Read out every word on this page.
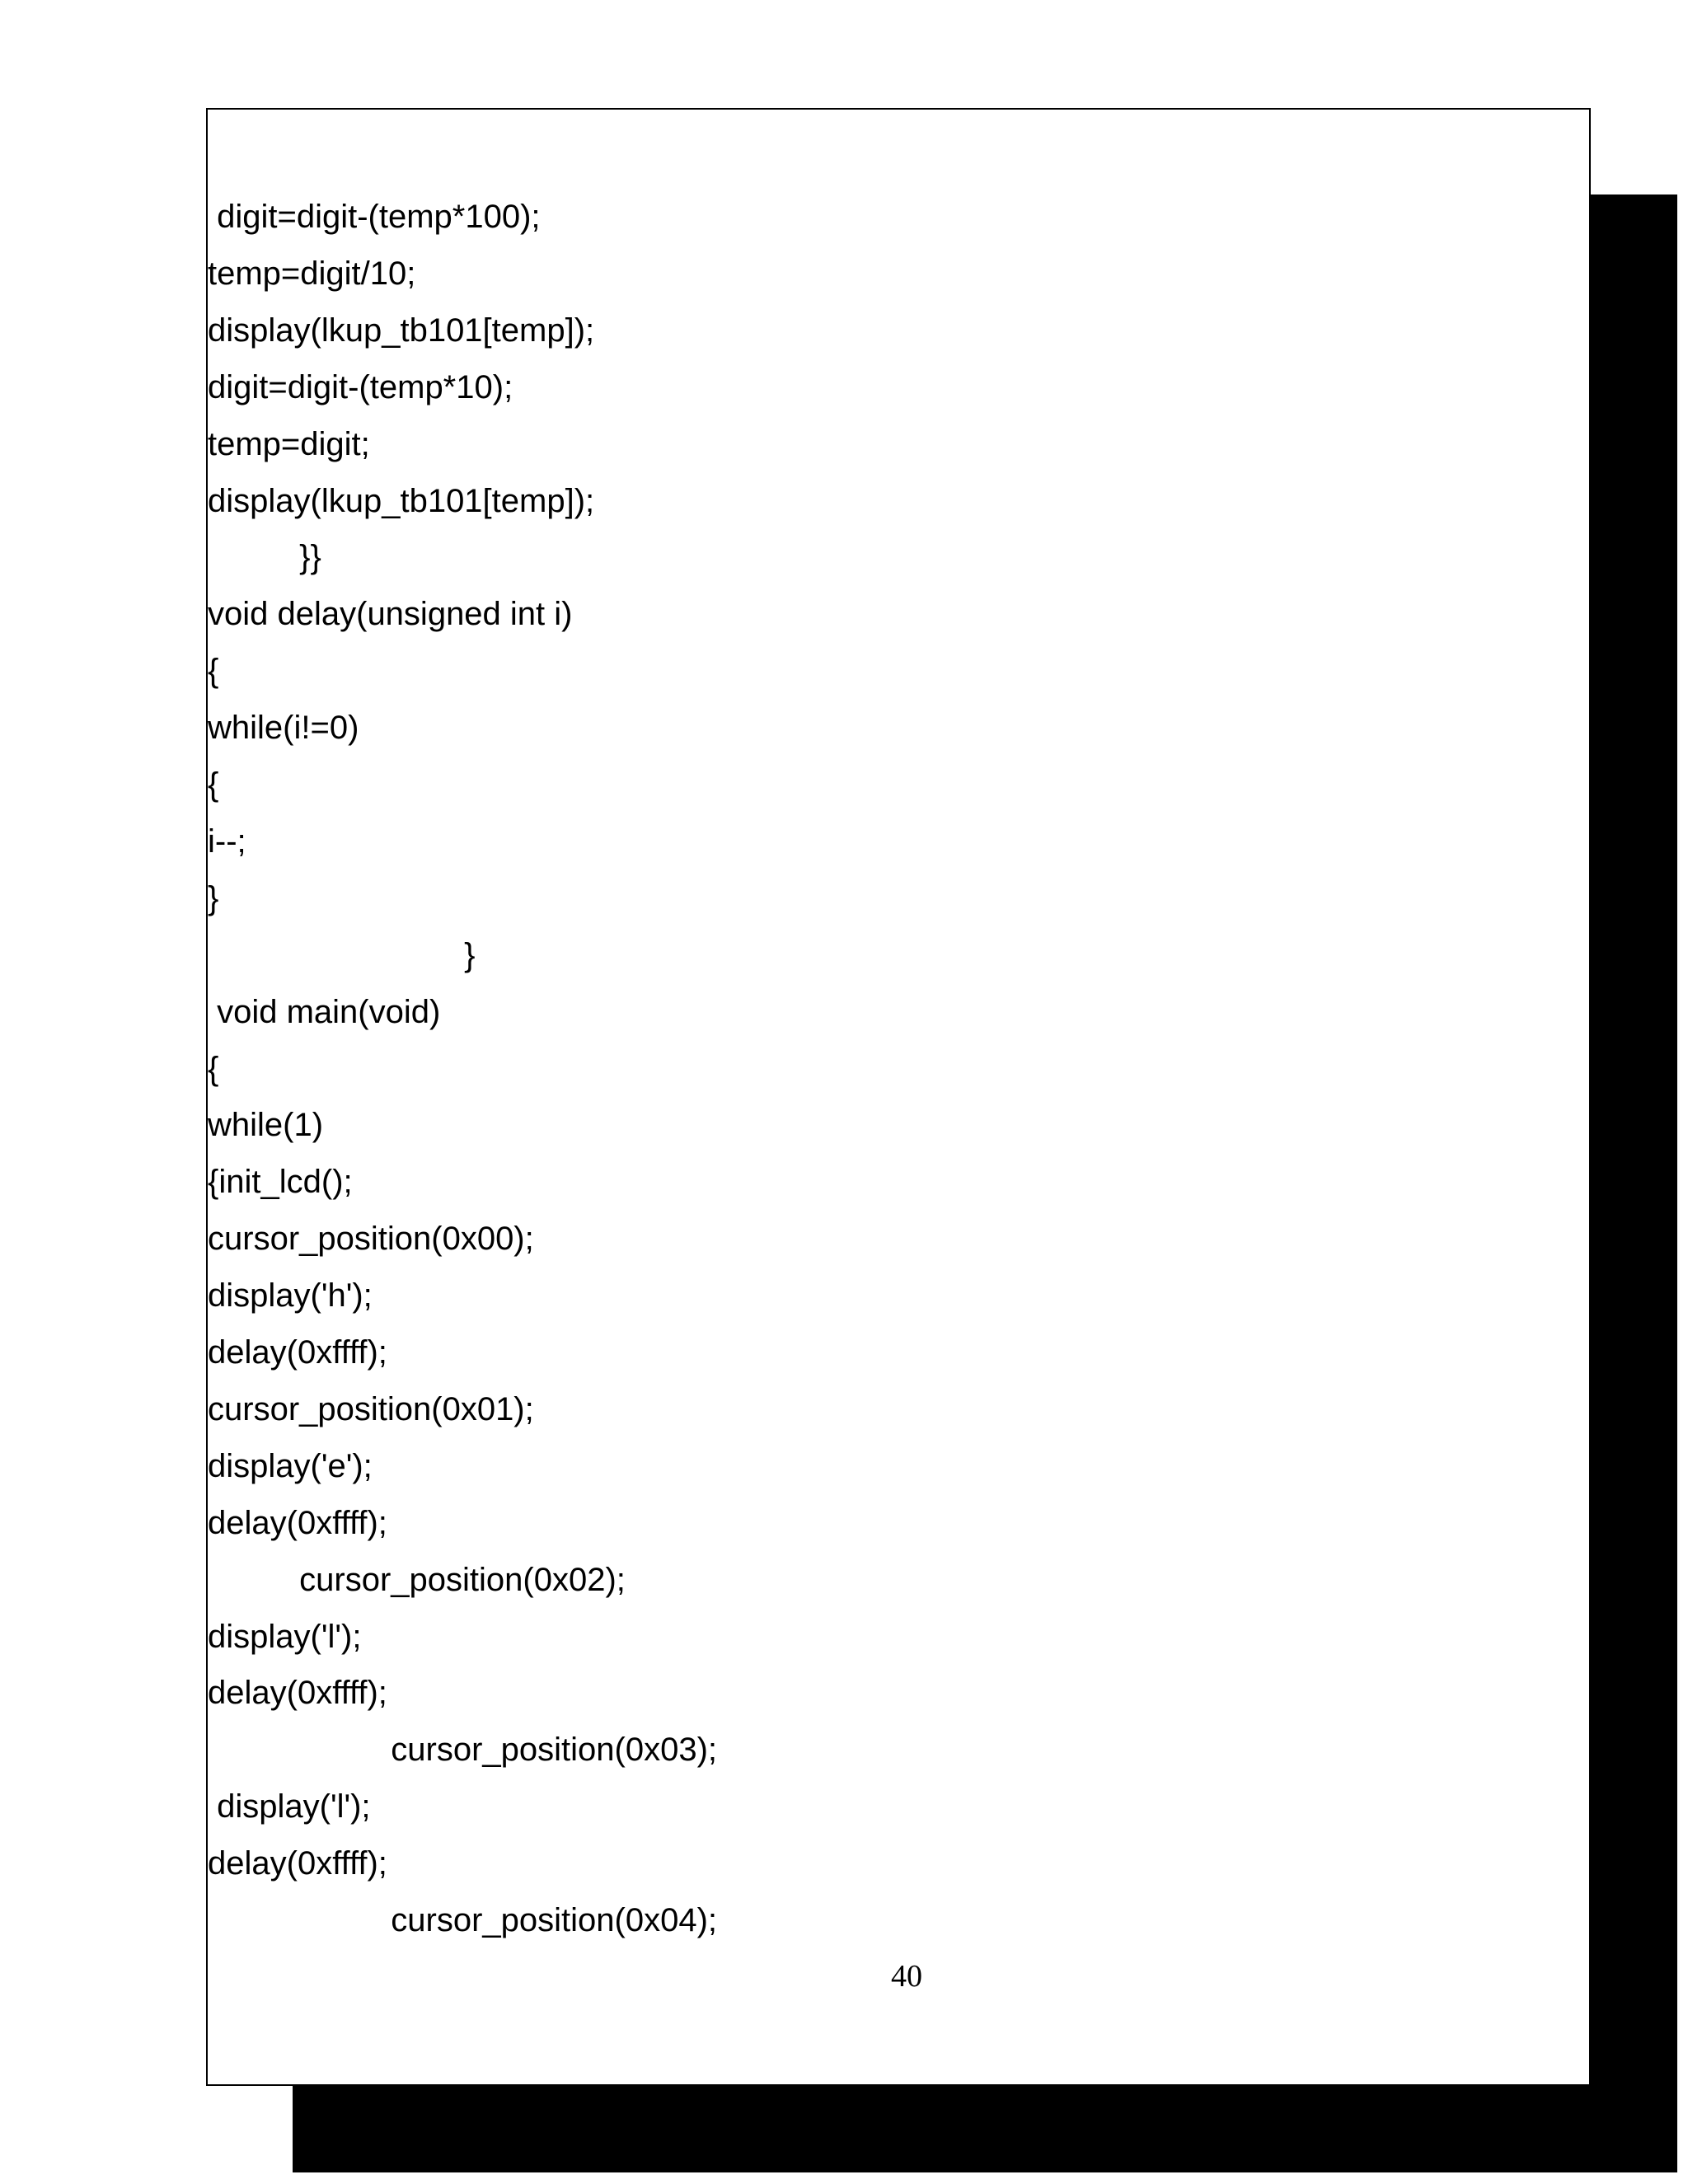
digit=digit-(temp*100);
temp=digit/10;
display(lkup_tb101[temp]);
digit=digit-(temp*10);
temp=digit;
display(lkup_tb101[temp]);
}}
void delay(unsigned int i)
{
while(i!=0)
{
i--;
}
}
void main(void)
{
while(1)
{init_lcd();
cursor_position(0x00);
display('h');
delay(0xffff);
cursor_position(0x01);
display('e');
delay(0xffff);
cursor_position(0x02);
display('l');
delay(0xffff);
cursor_position(0x03);
display('l');
delay(0xffff);
cursor_position(0x04);
40
